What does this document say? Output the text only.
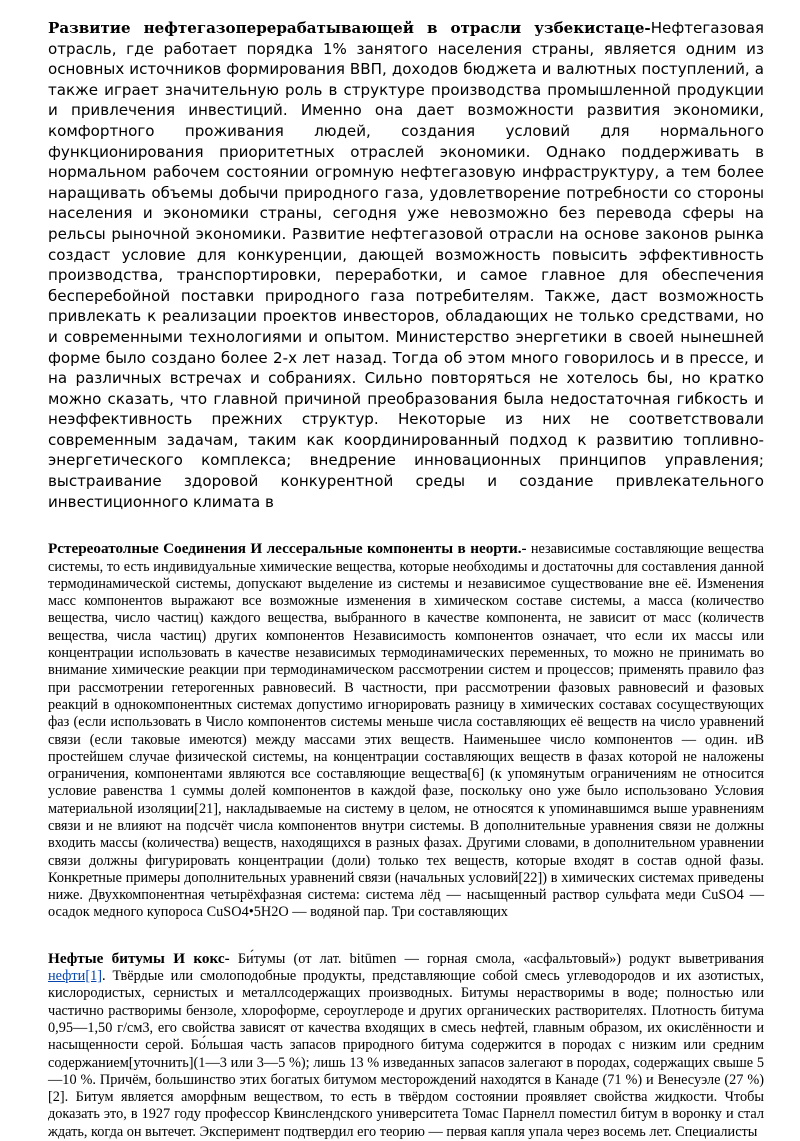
Развитие нефтегазоперерабатывающей в отрасли узбекистаце-Нефтегазовая отрасль, где работает порядка 1% занятого населения страны, является одним из основных источников формирования ВВП, доходов бюджета и валютных поступлений, а также играет значительную роль в структуре производства промышленной продукции и привлечения инвестиций. Именно она дает возможности развития экономики, комфортного проживания людей, создания условий для нормального функционирования приоритетных отраслей экономики. Однако поддерживать в нормальном рабочем состоянии огромную нефтегазовую инфраструктуру, а тем более наращивать объемы добычи природного газа, удовлетворение потребности со стороны населения и экономики страны, сегодня уже невозможно без перевода сферы на рельсы рыночной экономики. Развитие нефтегазовой отрасли на основе законов рынка создаст условие для конкуренции, дающей возможность повысить эффективность производства, транспортировки, переработки, и самое главное для обеспечения бесперебойной поставки природного газа потребителям. Также, даст возможность привлекать к реализации проектов инвесторов, обладающих не только средствами, но и современными технологиями и опытом. Министерство энергетики в своей нынешней форме было создано более 2-х лет назад. Тогда об этом много говорилось и в прессе, и на различных встречах и собраниях. Сильно повторяться не хотелось бы, но кратко можно сказать, что главной причиной преобразования была недостаточная гибкость и неэффективность прежних структур. Некоторые из них не соответствовали современным задачам, таким как координированный подход к развитию топливно-энергетического комплекса; внедрение инновационных принципов управления; выстраивание здоровой конкурентной среды и создание привлекательного инвестиционного климата в

Рстереоатолные Соединения И лессеральные компоненты в неорти.- независимые составляющие вещества системы, то есть индивидуальные химические вещества, которые необходимы и достаточны для составления данной термодинамической системы, допускают выделение из системы и независимое существование вне её. Изменения масс компонентов выражают все возможные изменения в химическом составе системы, а масса (количество вещества, число частиц) каждого вещества, выбранного в качестве компонента, не зависит от масс (количеств вещества, числа частиц) других компонентов Независимость компонентов означает, что если их массы или концентрации использовать в качестве независимых термодинамических переменных, то можно не принимать во внимание химические реакции при термодинамическом рассмотрении систем и процессов; применять правило фаз при рассмотрении гетерогенных равновесий. В частности, при рассмотрении фазовых равновесий и фазовых реакций в однокомпонентных системах допустимо игнорировать разницу в химических составах сосуществующих фаз (если использовать в Число компонентов системы меньше числа составляющих её веществ на число уравнений связи (если таковые имеются) между массами этих веществ. Наименьшее число компонентов — один. иВ простейшем случае физической системы, на концентрации составляющих веществ в фазах которой не наложены ограничения, компонентами являются все составляющие вещества[6] (к упомянутым ограничениям не относится условие равенства 1 суммы долей компонентов в каждой фазе, поскольку оно уже было использовано Условия материальной изоляции[21], накладываемые на систему в целом, не относятся к упоминавшимся выше уравнениям связи и не влияют на подсчёт числа компонентов внутри системы. В дополнительные уравнения связи не должны входить массы (количества) веществ, находящихся в разных фазах. Другими словами, в дополнительном уравнении связи должны фигурировать концентрации (доли) только тех веществ, которые входят в состав одной фазы. Конкретные примеры дополнительных уравнений связи (начальных условий[22]) в химических системах приведены ниже. Двухкомпонентная четырёхфазная система: система лёд — насыщенный раствор сульфата меди CuSO4 — осадок медного купороса CuSO4•5H2O — водяной пар. Три составляющих

Нефтые битумы И кокс- Би́тумы (от лат. bitūmen — горная смола, «асфальтовый») родукт выветривания нефти[1]. Твёрдые или смолоподобные продукты, представляющие собой смесь углеводородов и их азотистых, кислородистых, сернистых и металлсодержащих производных. Битумы нерастворимы в воде; полностью или частично растворимы бензоле, хлороформе, сероуглероде и других органических растворителях. Плотность битума 0,95—1,50 г/см3, его свойства зависят от качества входящих в смесь нефтей, главным образом, их окислённости и насыщенности серой. Бо́льшая часть запасов природного битума содержится в породах с низким или средним содержанием[уточнить](1—3 или 3—5 %); лишь 13 % изведанных запасов залегают в породах, содержащих свыше 5—10 %. Причём, большинство этих богатых битумом месторождений находятся в Канаде (71 %) и Венесуэле (27 %)[2]. Битум является аморфным веществом, то есть в твёрдом состоянии проявляет свойства жидкости. Чтобы доказать это, в 1927 году профессор Квинслендского университета Томас Парнелл поместил битум в воронку и стал ждать, когда он вытечет. Эксперимент подтвердил его теорию — первая капля упала через восемь лет. Специалисты
